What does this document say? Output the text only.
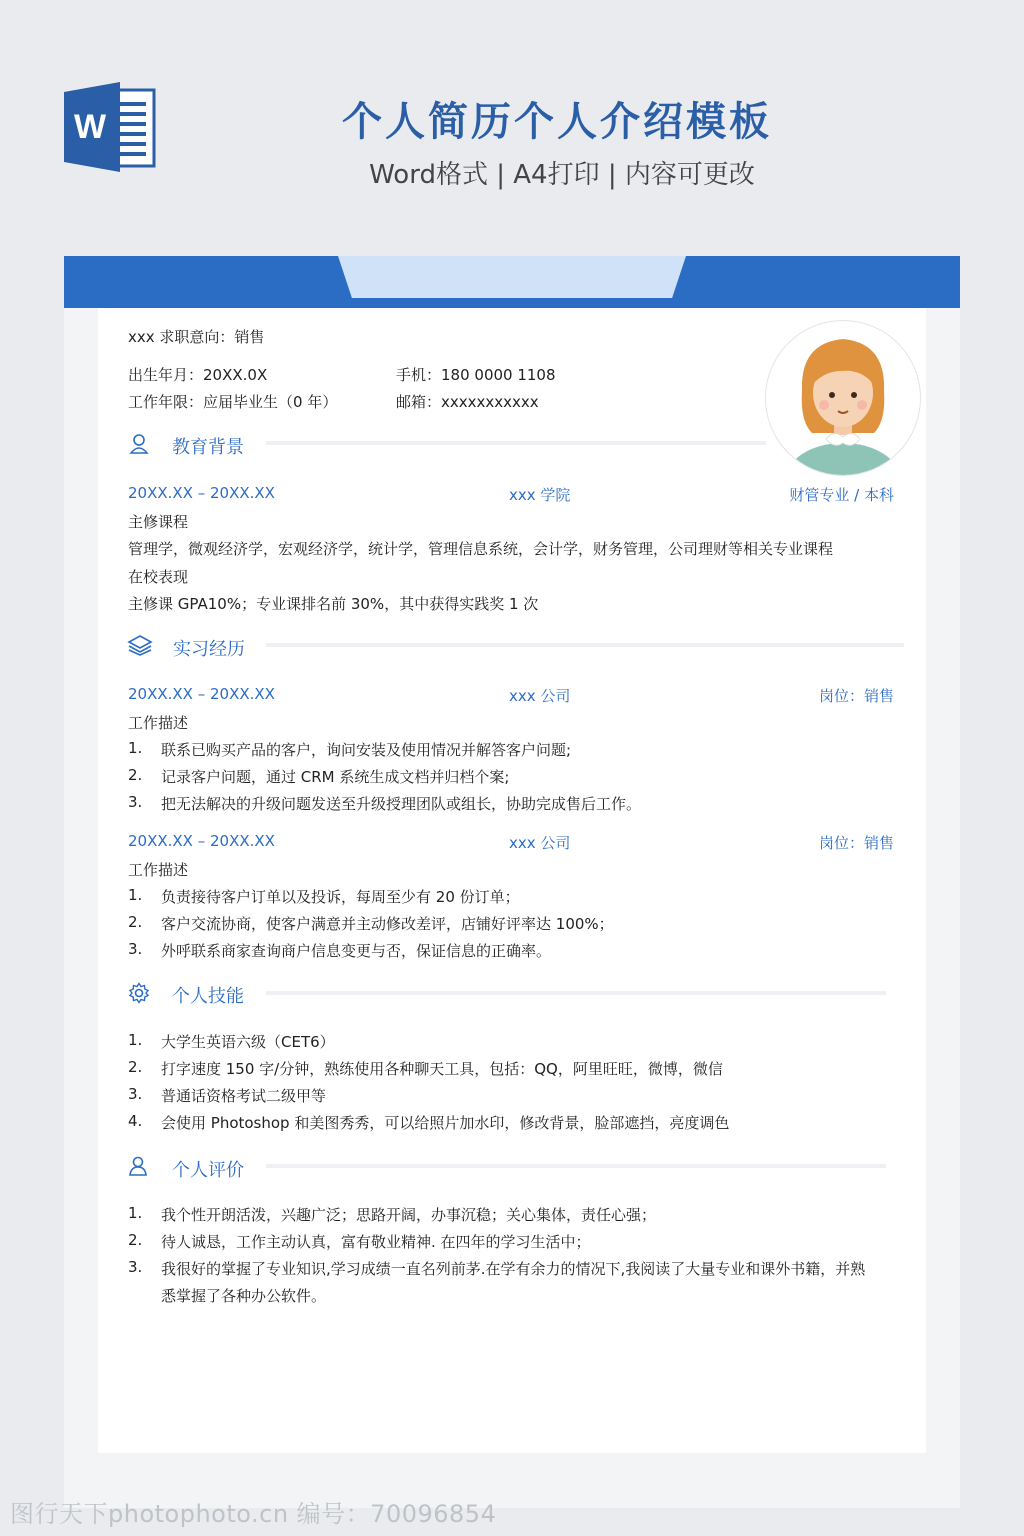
W	个人简历个人介绍模板
Word格式 | A4打印 | 内容可更改
xxx 求职意向：销售
出生年月：20XX.0X	手机：180 0000 1108
工作年限：应届毕业生（0 年）	邮箱：xxxxxxxxxxx
教育背景
20XX.XX – 20XX.XX	xxx 学院	财管专业 / 本科
主修课程
管理学，微观经济学，宏观经济学，统计学，管理信息系统，会计学，财务管理，公司理财等相关专业课程
在校表现
主修课 GPA10%；专业课排名前 30%，其中获得实践奖 1 次
实习经历
20XX.XX – 20XX.XX	xxx 公司	岗位：销售
工作描述
1. 联系已购买产品的客户，询问安装及使用情况并解答客户问题;
2. 记录客户问题，通过 CRM 系统生成文档并归档个案;
3. 把无法解决的升级问题发送至升级授理团队或组长，协助完成售后工作。
20XX.XX – 20XX.XX	xxx 公司	岗位：销售
工作描述
1. 负责接待客户订单以及投诉，每周至少有 20 份订单；
2. 客户交流协商，使客户满意并主动修改差评，店铺好评率达 100%；
3. 外呼联系商家查询商户信息变更与否，保证信息的正确率。
个人技能
1. 大学生英语六级（CET6）
2. 打字速度 150 字/分钟，熟练使用各种聊天工具，包括：QQ，阿里旺旺，微博，微信
3. 普通话资格考试二级甲等
4. 会使用 Photoshop 和美图秀秀，可以给照片加水印，修改背景，脸部遮挡，亮度调色
个人评价
1. 我个性开朗活泼，兴趣广泛；思路开阔，办事沉稳；关心集体，责任心强；
2. 待人诚恳，工作主动认真，富有敬业精神. 在四年的学习生活中；
3. 我很好的掌握了专业知识,学习成绩一直名列前茅.在学有余力的情况下,我阅读了大量专业和课外书籍，并熟
悉掌握了各种办公软件。
图行天下photophoto.cn 编号：70096854
